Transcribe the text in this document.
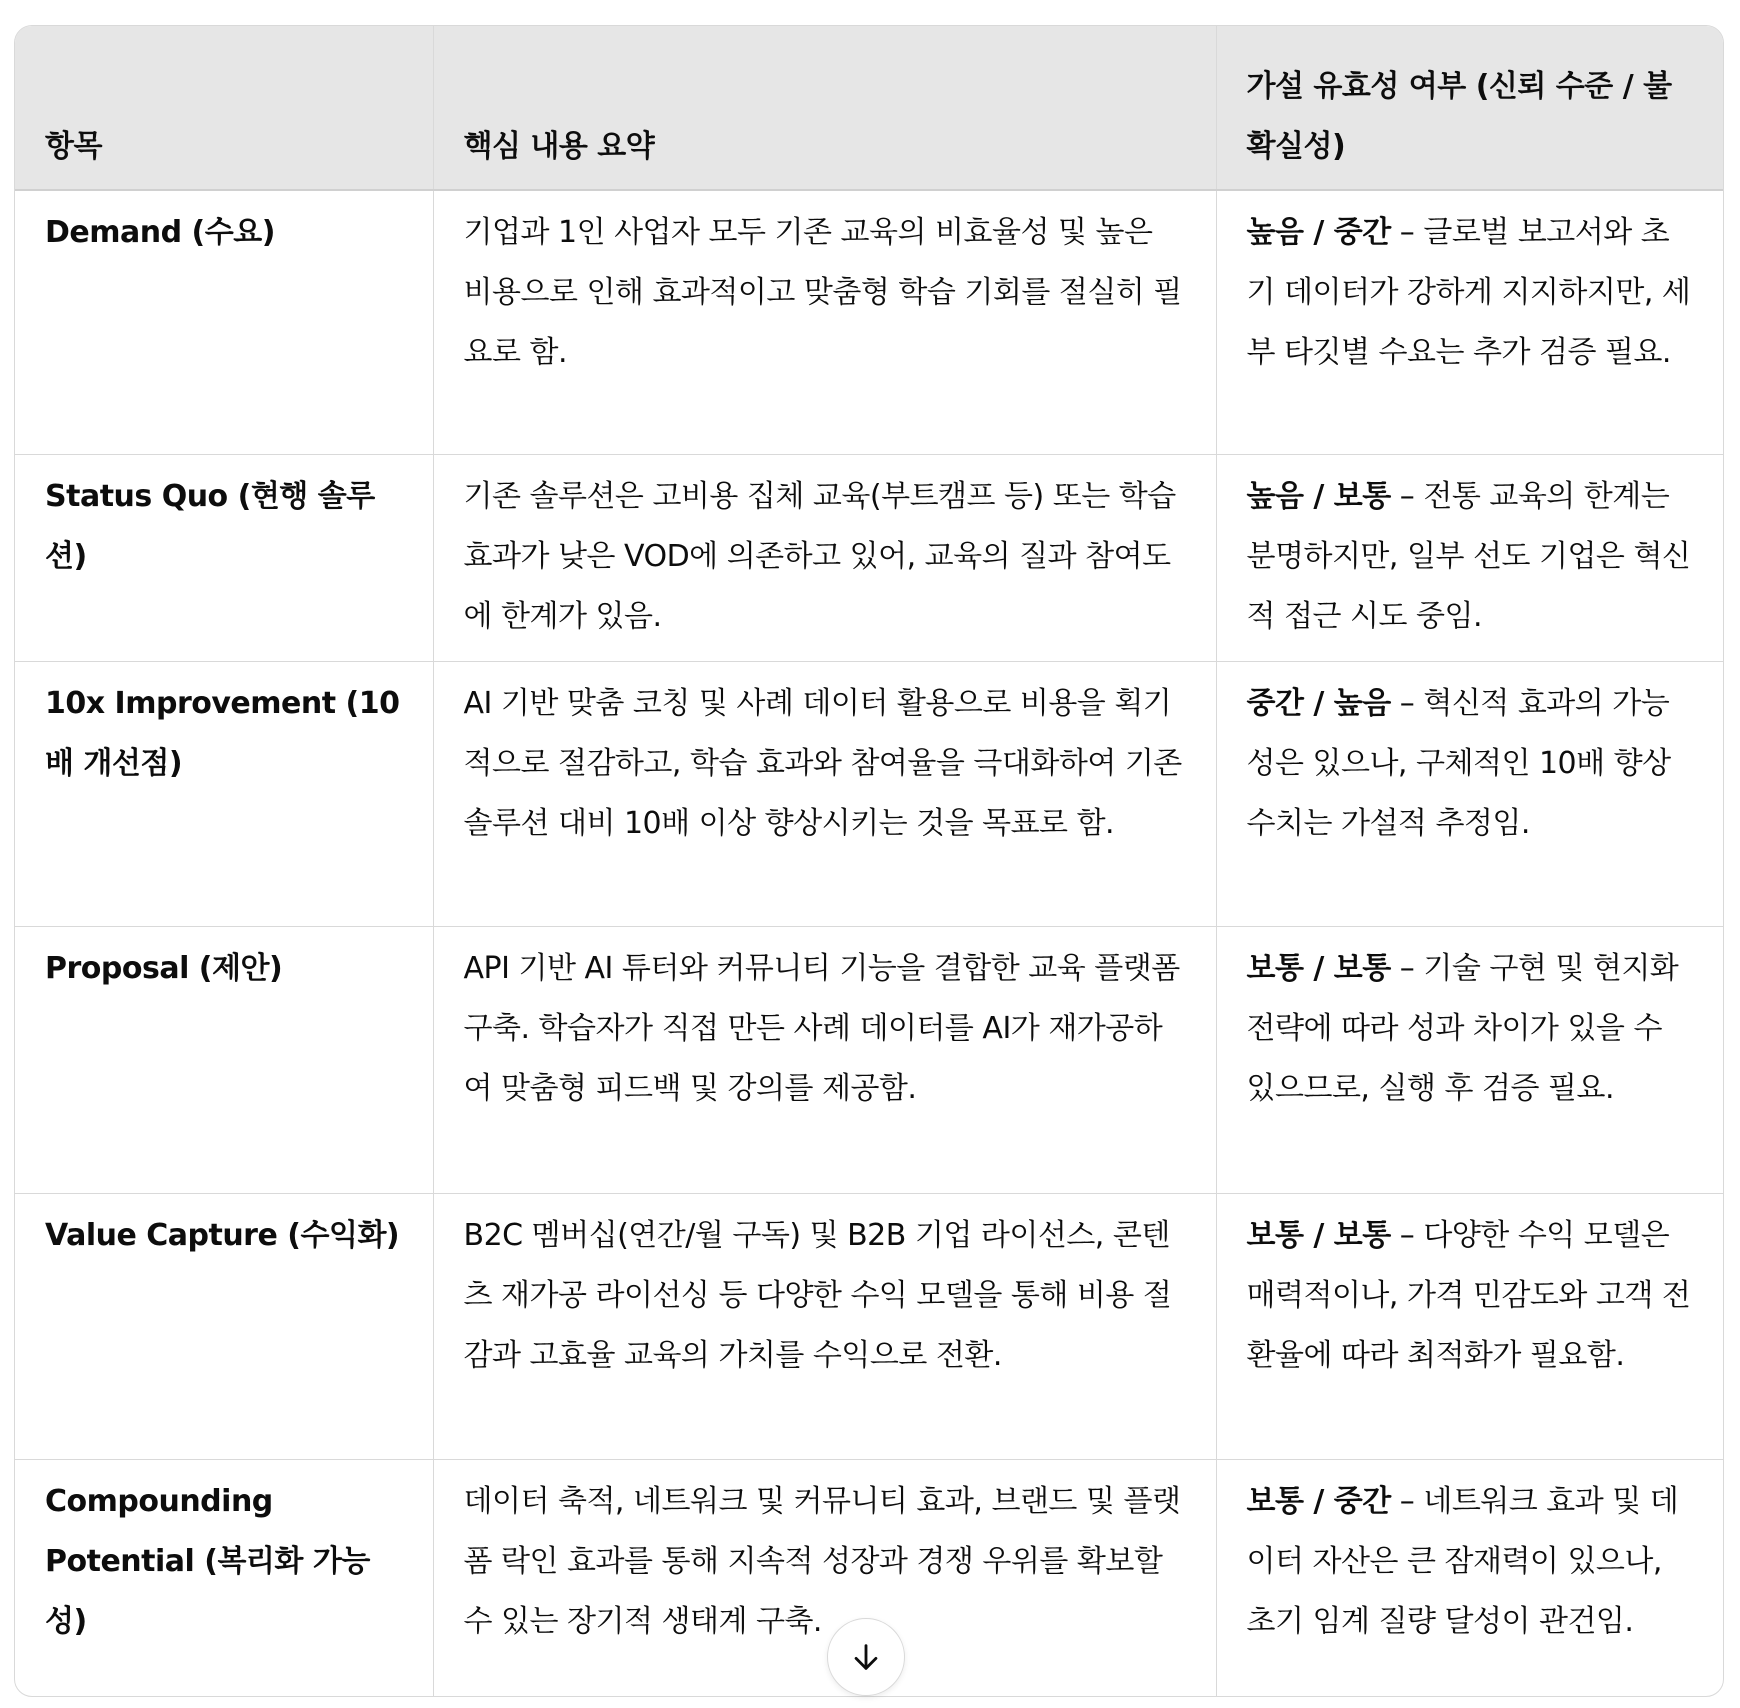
항목	핵심 내용 요약	가설 유효성 여부 (신뢰 수준 / 불확실성)
Demand (수요)	기업과 1인 사업자 모두 기존 교육의 비효율성 및 높은 비용으로 인해 효과적이고 맞춤형 학습 기회를 절실히 필요로 함.	높음 / 중간 – 글로벌 보고서와 초기 데이터가 강하게 지지하지만, 세부 타깃별 수요는 추가 검증 필요.
Status Quo (현행 솔루션)	기존 솔루션은 고비용 집체 교육(부트캠프 등) 또는 학습 효과가 낮은 VOD에 의존하고 있어, 교육의 질과 참여도에 한계가 있음.	높음 / 보통 – 전통 교육의 한계는 분명하지만, 일부 선도 기업은 혁신적 접근 시도 중임.
10x Improvement (10배 개선점)	AI 기반 맞춤 코칭 및 사례 데이터 활용으로 비용을 획기적으로 절감하고, 학습 효과와 참여율을 극대화하여 기존 솔루션 대비 10배 이상 향상시키는 것을 목표로 함.	중간 / 높음 – 혁신적 효과의 가능성은 있으나, 구체적인 10배 향상 수치는 가설적 추정임.
Proposal (제안)	API 기반 AI 튜터와 커뮤니티 기능을 결합한 교육 플랫폼 구축. 학습자가 직접 만든 사례 데이터를 AI가 재가공하여 맞춤형 피드백 및 강의를 제공함.	보통 / 보통 – 기술 구현 및 현지화 전략에 따라 성과 차이가 있을 수 있으므로, 실행 후 검증 필요.
Value Capture (수익화)	B2C 멤버십(연간/월 구독) 및 B2B 기업 라이선스, 콘텐츠 재가공 라이선싱 등 다양한 수익 모델을 통해 비용 절감과 고효율 교육의 가치를 수익으로 전환.	보통 / 보통 – 다양한 수익 모델은 매력적이나, 가격 민감도와 고객 전환율에 따라 최적화가 필요함.
Compounding Potential (복리화 가능성)	데이터 축적, 네트워크 및 커뮤니티 효과, 브랜드 및 플랫폼 락인 효과를 통해 지속적 성장과 경쟁 우위를 확보할 수 있는 장기적 생태계 구축.	보통 / 중간 – 네트워크 효과 및 데이터 자산은 큰 잠재력이 있으나, 초기 임계 질량 달성이 관건임.
